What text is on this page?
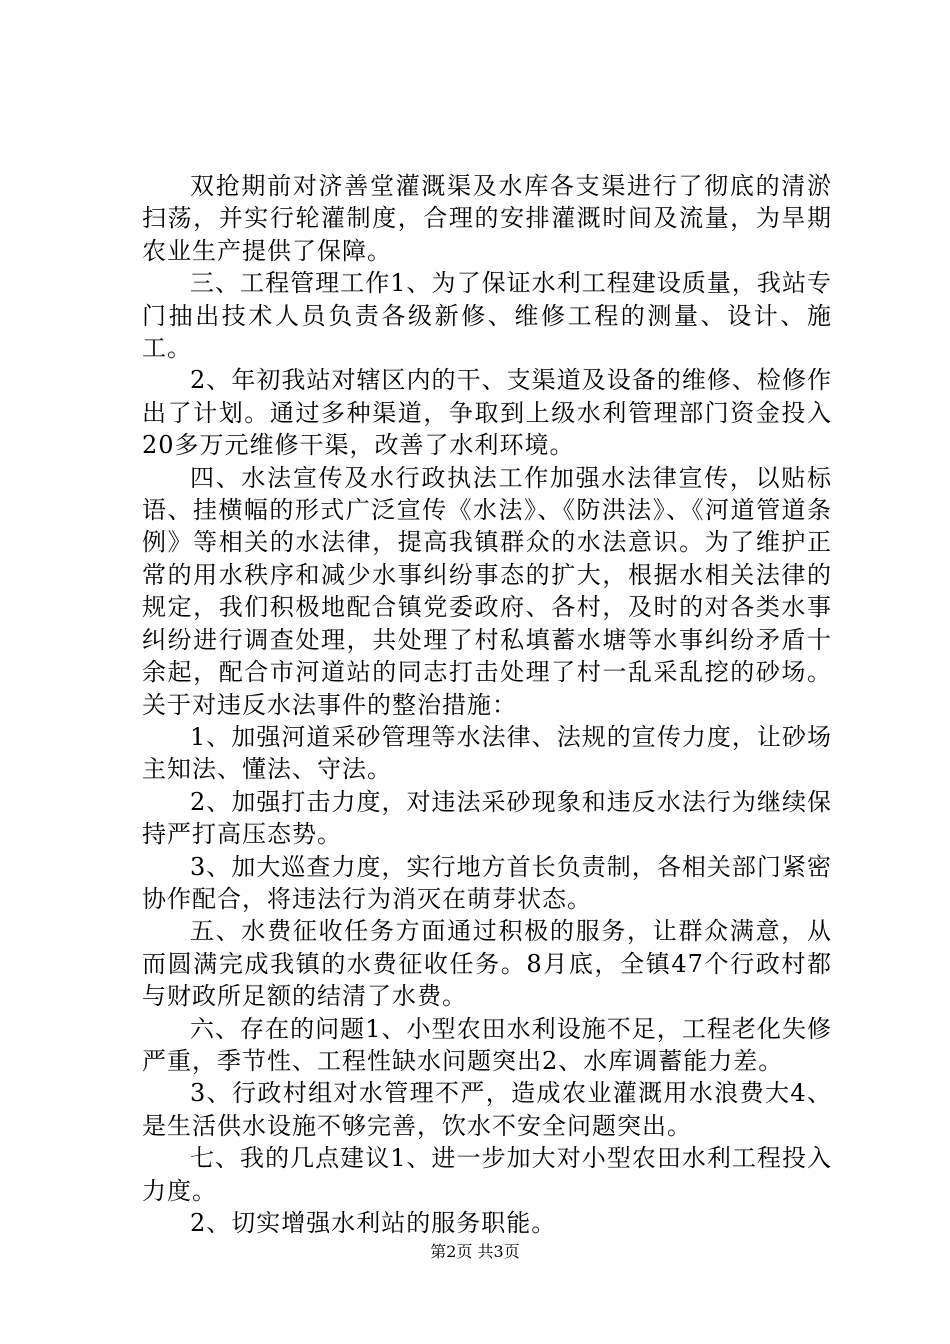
双抢期前对济善堂灌溉渠及水库各支渠进行了彻底的清淤扫荡，并实行轮灌制度，合理的安排灌溉时间及流量，为旱期农业生产提供了保障。

三、工程管理工作1、为了保证水利工程建设质量，我站专门抽出技术人员负责各级新修、维修工程的测量、设计、施工。

2、年初我站对辖区内的干、支渠道及设备的维修、检修作出了计划。通过多种渠道，争取到上级水利管理部门资金投入20多万元维修干渠，改善了水利环境。

四、水法宣传及水行政执法工作加强水法律宣传，以贴标语、挂横幅的形式广泛宣传《水法》、《防洪法》、《河道管道条例》等相关的水法律，提高我镇群众的水法意识。为了维护正常的用水秩序和减少水事纠纷事态的扩大，根据水相关法律的规定，我们积极地配合镇党委政府、各村，及时的对各类水事纠纷进行调查处理，共处理了村私填蓄水塘等水事纠纷矛盾十余起，配合市河道站的同志打击处理了村一乱采乱挖的砂场。关于对违反水法事件的整治措施：

1、加强河道采砂管理等水法律、法规的宣传力度，让砂场主知法、懂法、守法。

2、加强打击力度，对违法采砂现象和违反水法行为继续保持严打高压态势。

3、加大巡查力度，实行地方首长负责制，各相关部门紧密协作配合，将违法行为消灭在萌芽状态。

五、水费征收任务方面通过积极的服务，让群众满意，从而圆满完成我镇的水费征收任务。8月底，全镇47个行政村都与财政所足额的结清了水费。

六、存在的问题1、小型农田水利设施不足，工程老化失修严重，季节性、工程性缺水问题突出2、水库调蓄能力差。

3、行政村组对水管理不严，造成农业灌溉用水浪费大4、是生活供水设施不够完善，饮水不安全问题突出。

七、我的几点建议1、进一步加大对小型农田水利工程投入力度。

2、切实增强水利站的服务职能。

第2页 共3页
